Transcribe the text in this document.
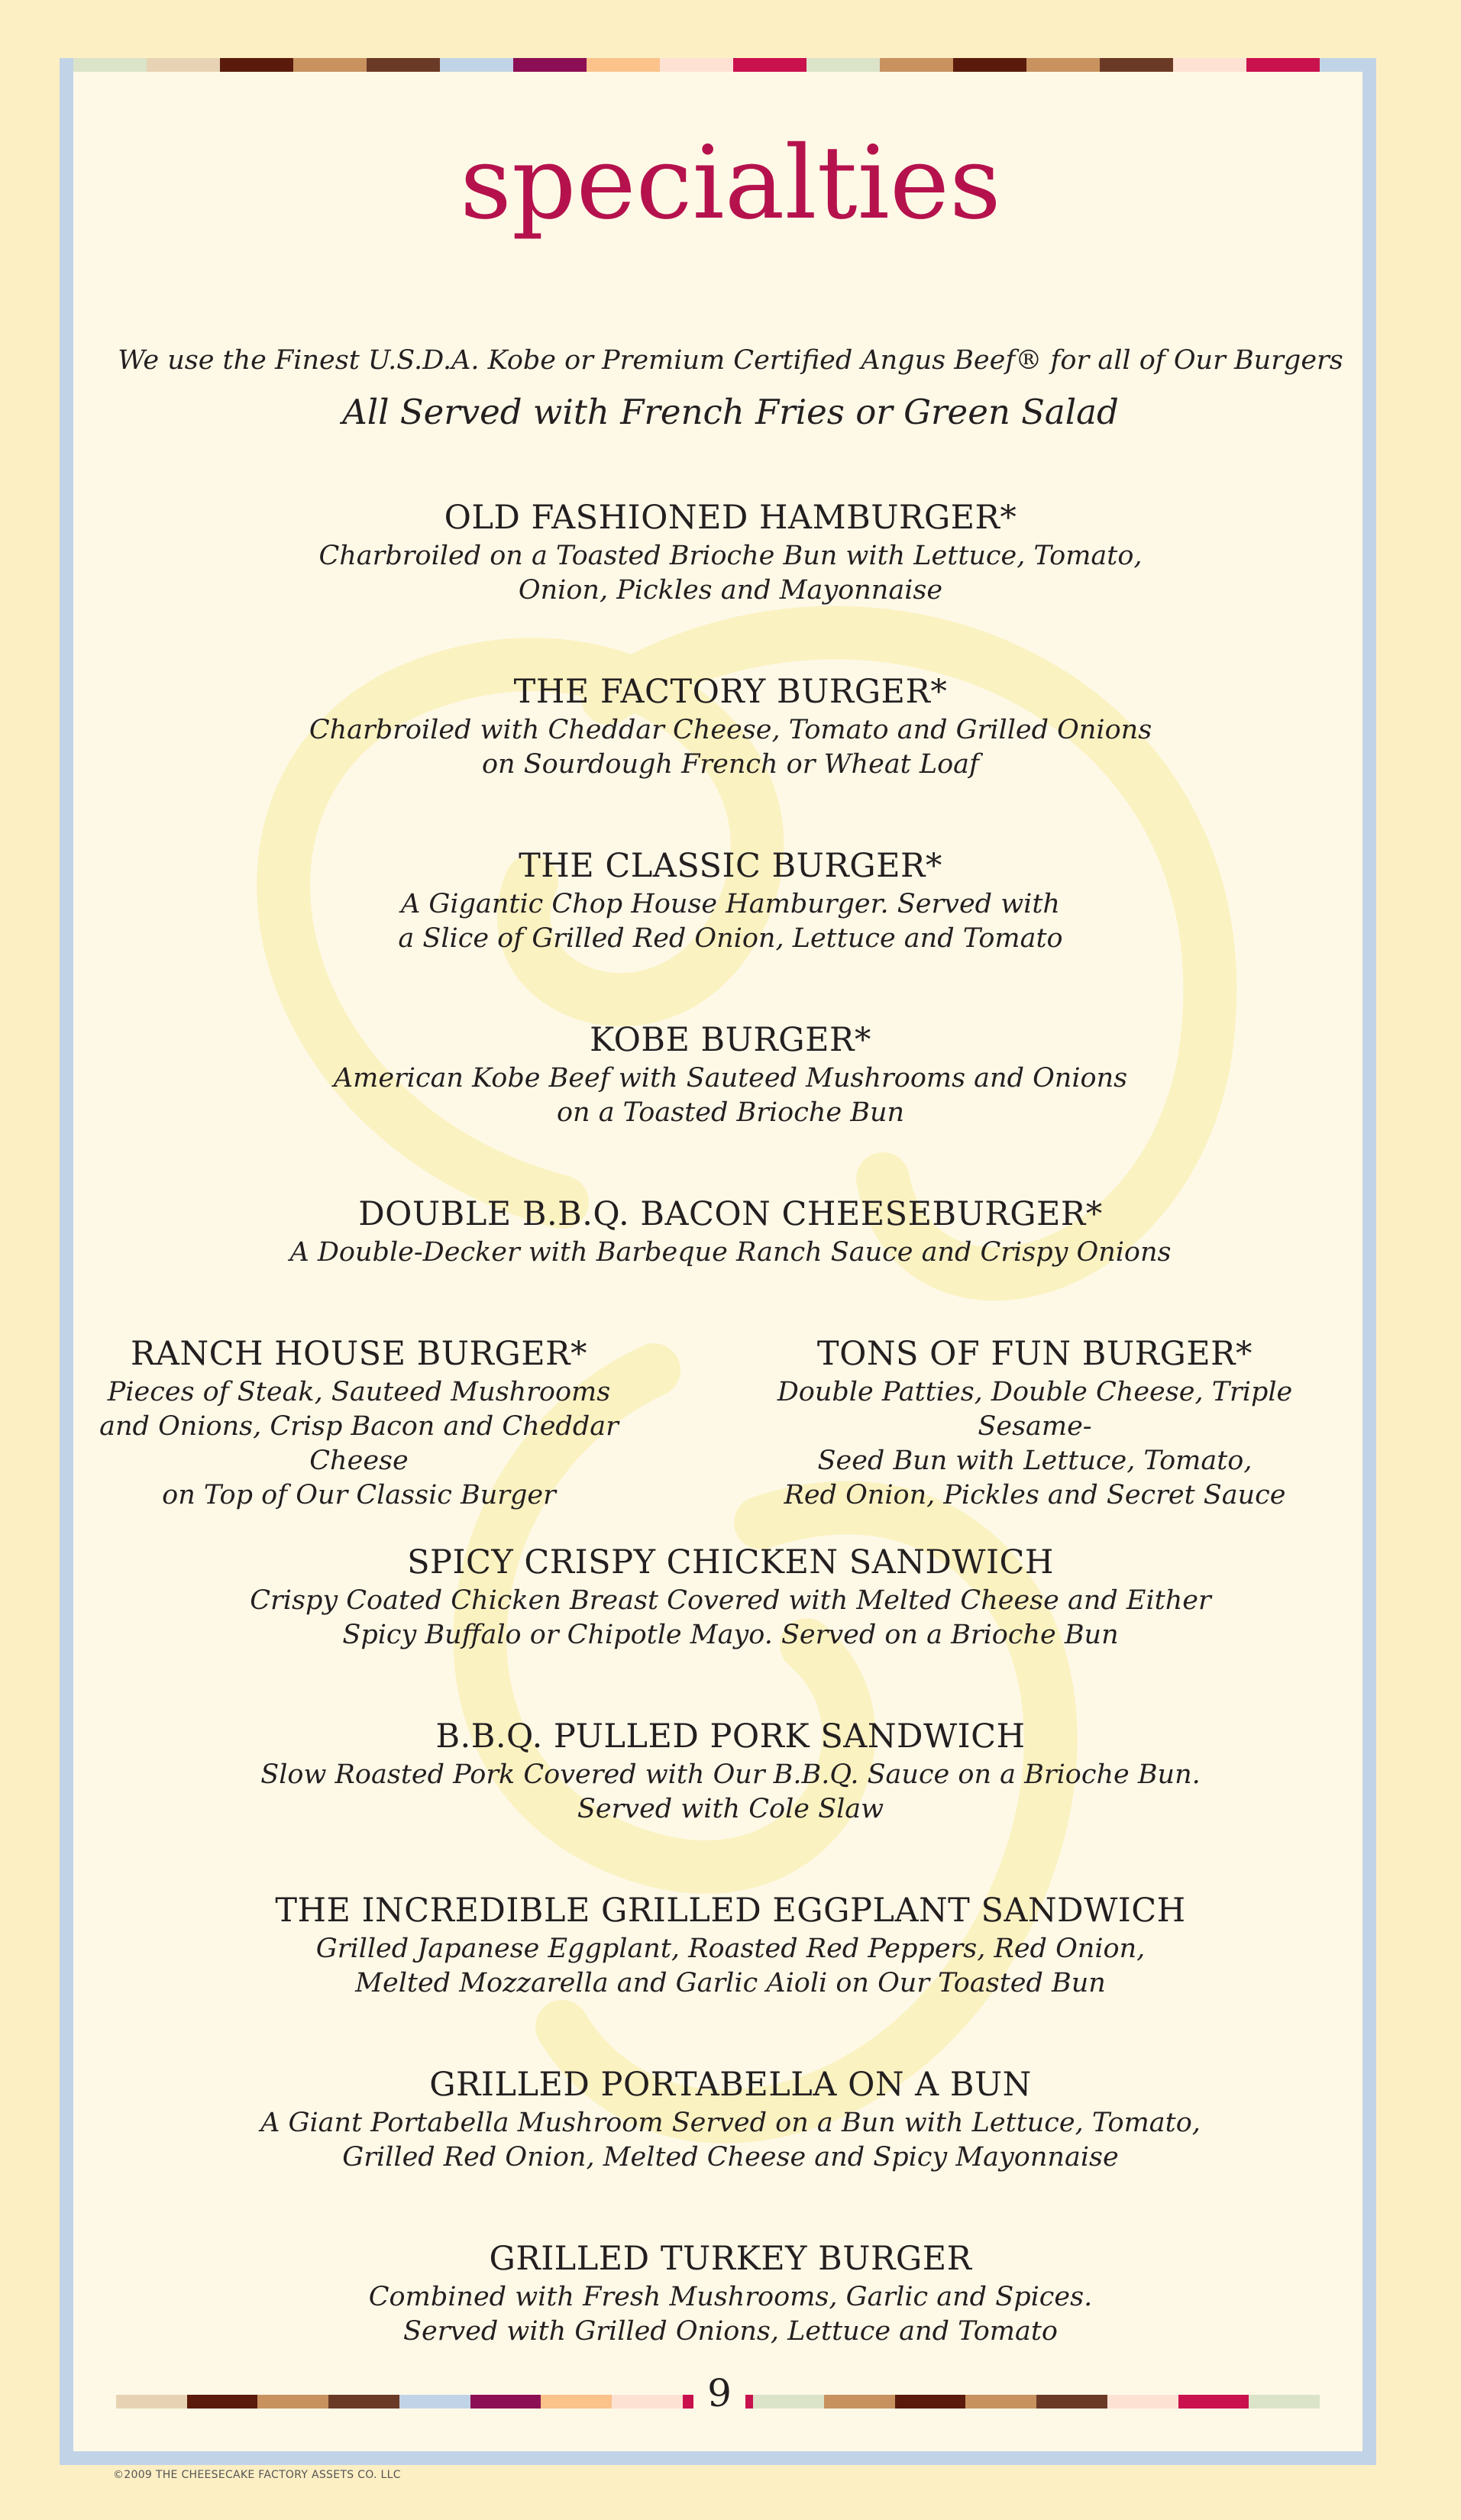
specialties
We use the Finest U.S.D.A. Kobe or Premium Certified Angus Beef® for all of Our Burgers
All Served with French Fries or Green Salad
OLD FASHIONED HAMBURGER*
Charbroiled on a Toasted Brioche Bun with Lettuce, Tomato,
Onion, Pickles and Mayonnaise
THE FACTORY BURGER*
Charbroiled with Cheddar Cheese, Tomato and Grilled Onions
on Sourdough French or Wheat Loaf
THE CLASSIC BURGER*
A Gigantic Chop House Hamburger. Served with
a Slice of Grilled Red Onion, Lettuce and Tomato
KOBE BURGER*
American Kobe Beef with Sauteed Mushrooms and Onions
on a Toasted Brioche Bun
DOUBLE B.B.Q. BACON CHEESEBURGER*
A Double-Decker with Barbeque Ranch Sauce and Crispy Onions
RANCH HOUSE BURGER*
Pieces of Steak, Sauteed Mushrooms
and Onions, Crisp Bacon and Cheddar Cheese
on Top of Our Classic Burger
TONS OF FUN BURGER*
Double Patties, Double Cheese, Triple Sesame-
Seed Bun with Lettuce, Tomato,
Red Onion, Pickles and Secret Sauce
SPICY CRISPY CHICKEN SANDWICH
Crispy Coated Chicken Breast Covered with Melted Cheese and Either
Spicy Buffalo or Chipotle Mayo. Served on a Brioche Bun
B.B.Q. PULLED PORK SANDWICH
Slow Roasted Pork Covered with Our B.B.Q. Sauce on a Brioche Bun.
Served with Cole Slaw
THE INCREDIBLE GRILLED EGGPLANT SANDWICH
Grilled Japanese Eggplant, Roasted Red Peppers, Red Onion,
Melted Mozzarella and Garlic Aioli on Our Toasted Bun
GRILLED PORTABELLA ON A BUN
A Giant Portabella Mushroom Served on a Bun with Lettuce, Tomato,
Grilled Red Onion, Melted Cheese and Spicy Mayonnaise
GRILLED TURKEY BURGER
Combined with Fresh Mushrooms, Garlic and Spices.
Served with Grilled Onions, Lettuce and Tomato
9
©2009 THE CHEESECAKE FACTORY ASSETS CO. LLC
